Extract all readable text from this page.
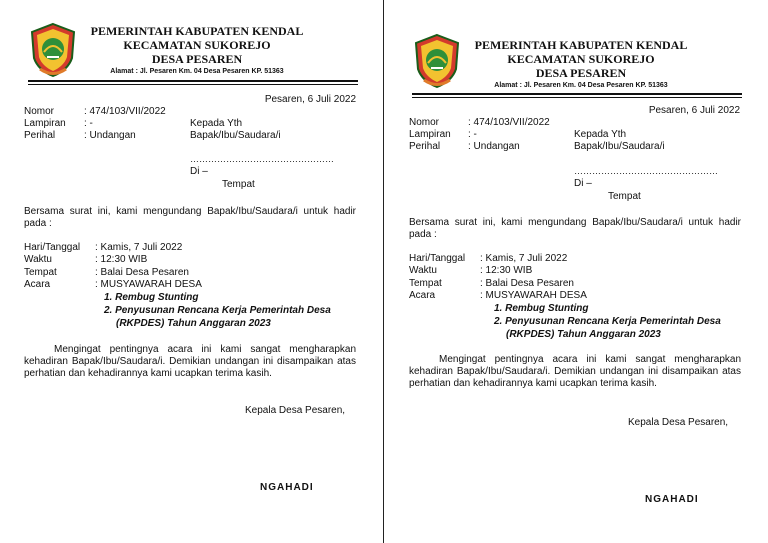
PEMERINTAH KABUPATEN KENDAL
KECAMATAN SUKOREJO
DESA PESAREN
Alamat : Jl. Pesaren Km. 04 Desa Pesaren KP. 51363
Pesaren, 6 Juli 2022
Nomor	: 474/103/VII/2022
Lampiran : -
Perihal	: Undangan
Kepada Yth
Bapak/Ibu/Saudara/i
…………………………………………
Di –
Tempat
Bersama surat ini, kami mengundang Bapak/Ibu/Saudara/i untuk hadir pada :
Hari/Tanggal : Kamis, 7 Juli 2022
Waktu	: 12:30 WIB
Tempat	: Balai Desa Pesaren
Acara	: MUSYAWARAH DESA
1. Rembug Stunting
2. Penyusunan Rencana Kerja Pemerintah Desa
(RKPDES) Tahun Anggaran 2023
Mengingat pentingnya acara ini kami sangat mengharapkan kehadiran Bapak/Ibu/Saudara/i. Demikian undangan ini disampaikan atas perhatian dan kehadirannya kami ucapkan terima kasih.
Kepala Desa Pesaren,
NGAHADI
PEMERINTAH KABUPATEN KENDAL
KECAMATAN SUKOREJO
DESA PESAREN
Alamat : Jl. Pesaren Km. 04 Desa Pesaren KP. 51363
Pesaren, 6 Juli 2022
Nomor	: 474/103/VII/2022
Lampiran : -
Perihal	: Undangan
Kepada Yth
Bapak/Ibu/Saudara/i
…………………………………………
Di –
Tempat
Bersama surat ini, kami mengundang Bapak/Ibu/Saudara/i untuk hadir pada :
Hari/Tanggal : Kamis, 7 Juli 2022
Waktu	: 12:30 WIB
Tempat	: Balai Desa Pesaren
Acara	: MUSYAWARAH DESA
1. Rembug Stunting
2. Penyusunan Rencana Kerja Pemerintah Desa
(RKPDES) Tahun Anggaran 2023
Mengingat pentingnya acara ini kami sangat mengharapkan kehadiran Bapak/Ibu/Saudara/i. Demikian undangan ini disampaikan atas perhatian dan kehadirannya kami ucapkan terima kasih.
Kepala Desa Pesaren,
NGAHADI
